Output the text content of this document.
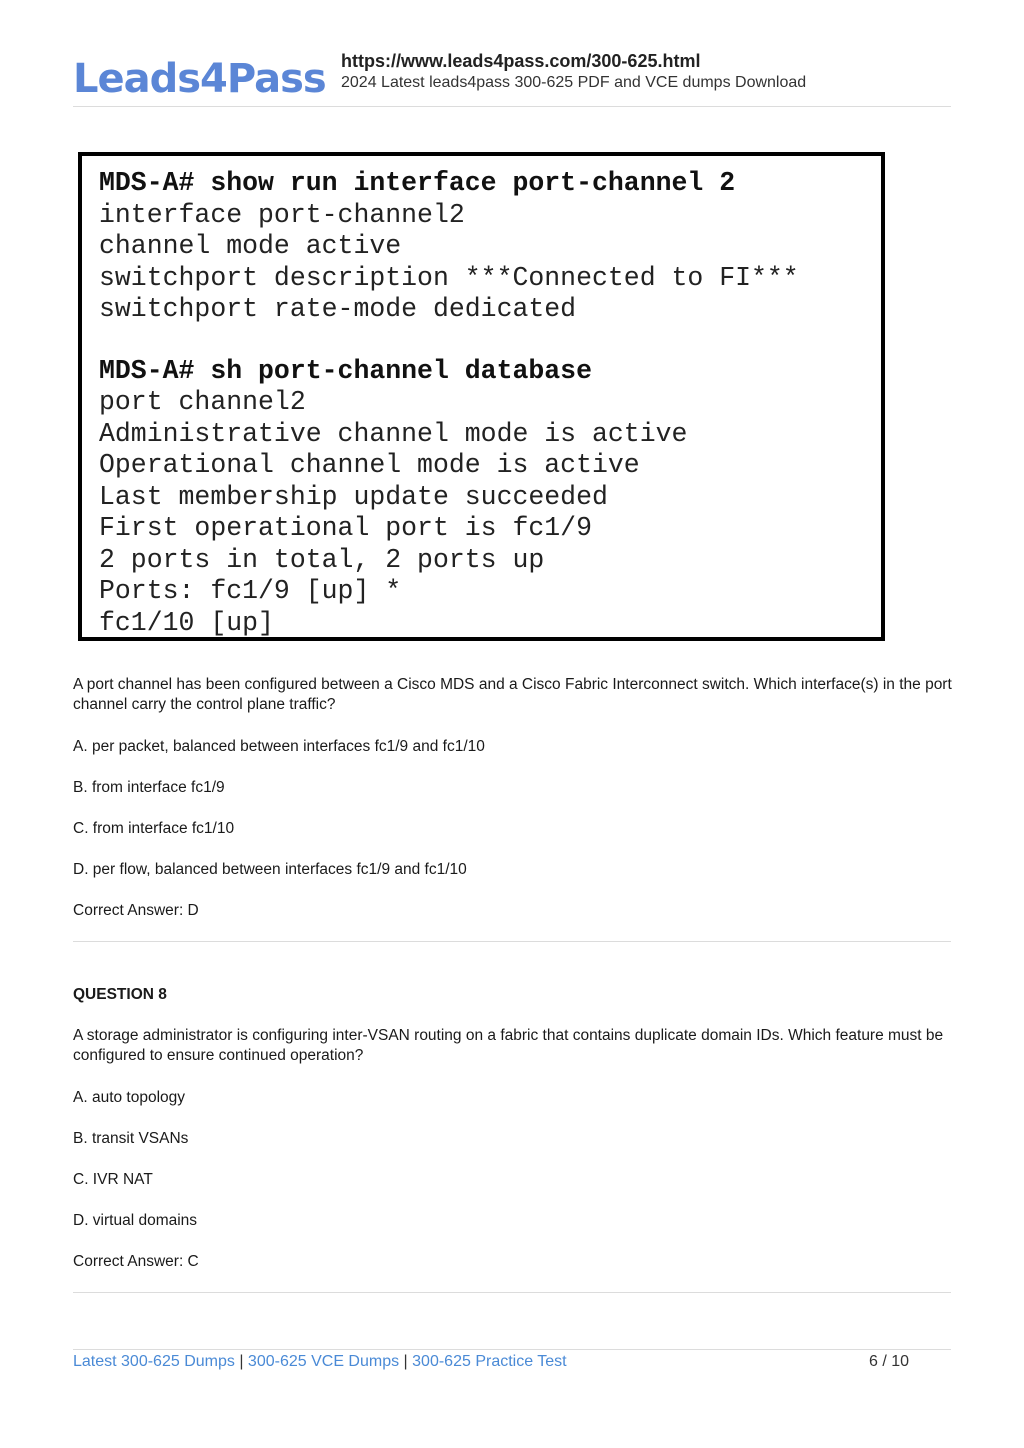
Leads4Pass https://www.leads4pass.com/300-625.html
2024 Latest leads4pass 300-625 PDF and VCE dumps Download
MDS-A# show run interface port-channel 2
interface port-channel2
channel mode active
switchport description ***Connected to FI***
switchport rate-mode dedicated
MDS-A# sh port-channel database
port channel2
Administrative channel mode is active
Operational channel mode is active
Last membership update succeeded
First operational port is fc1/9
2 ports in total, 2 ports up
Ports: fc1/9 [up] *
fc1/10 [up]
A port channel has been configured between a Cisco MDS and a Cisco Fabric Interconnect switch. Which interface(s) in the port channel carry the control plane traffic?
A. per packet, balanced between interfaces fc1/9 and fc1/10
B. from interface fc1/9
C. from interface fc1/10
D. per flow, balanced between interfaces fc1/9 and fc1/10
Correct Answer: D
QUESTION 8
A storage administrator is configuring inter-VSAN routing on a fabric that contains duplicate domain IDs. Which feature must be configured to ensure continued operation?
A. auto topology
B. transit VSANs
C. IVR NAT
D. virtual domains
Correct Answer: C
Latest 300-625 Dumps | 300-625 VCE Dumps | 300-625 Practice Test	6 / 10
